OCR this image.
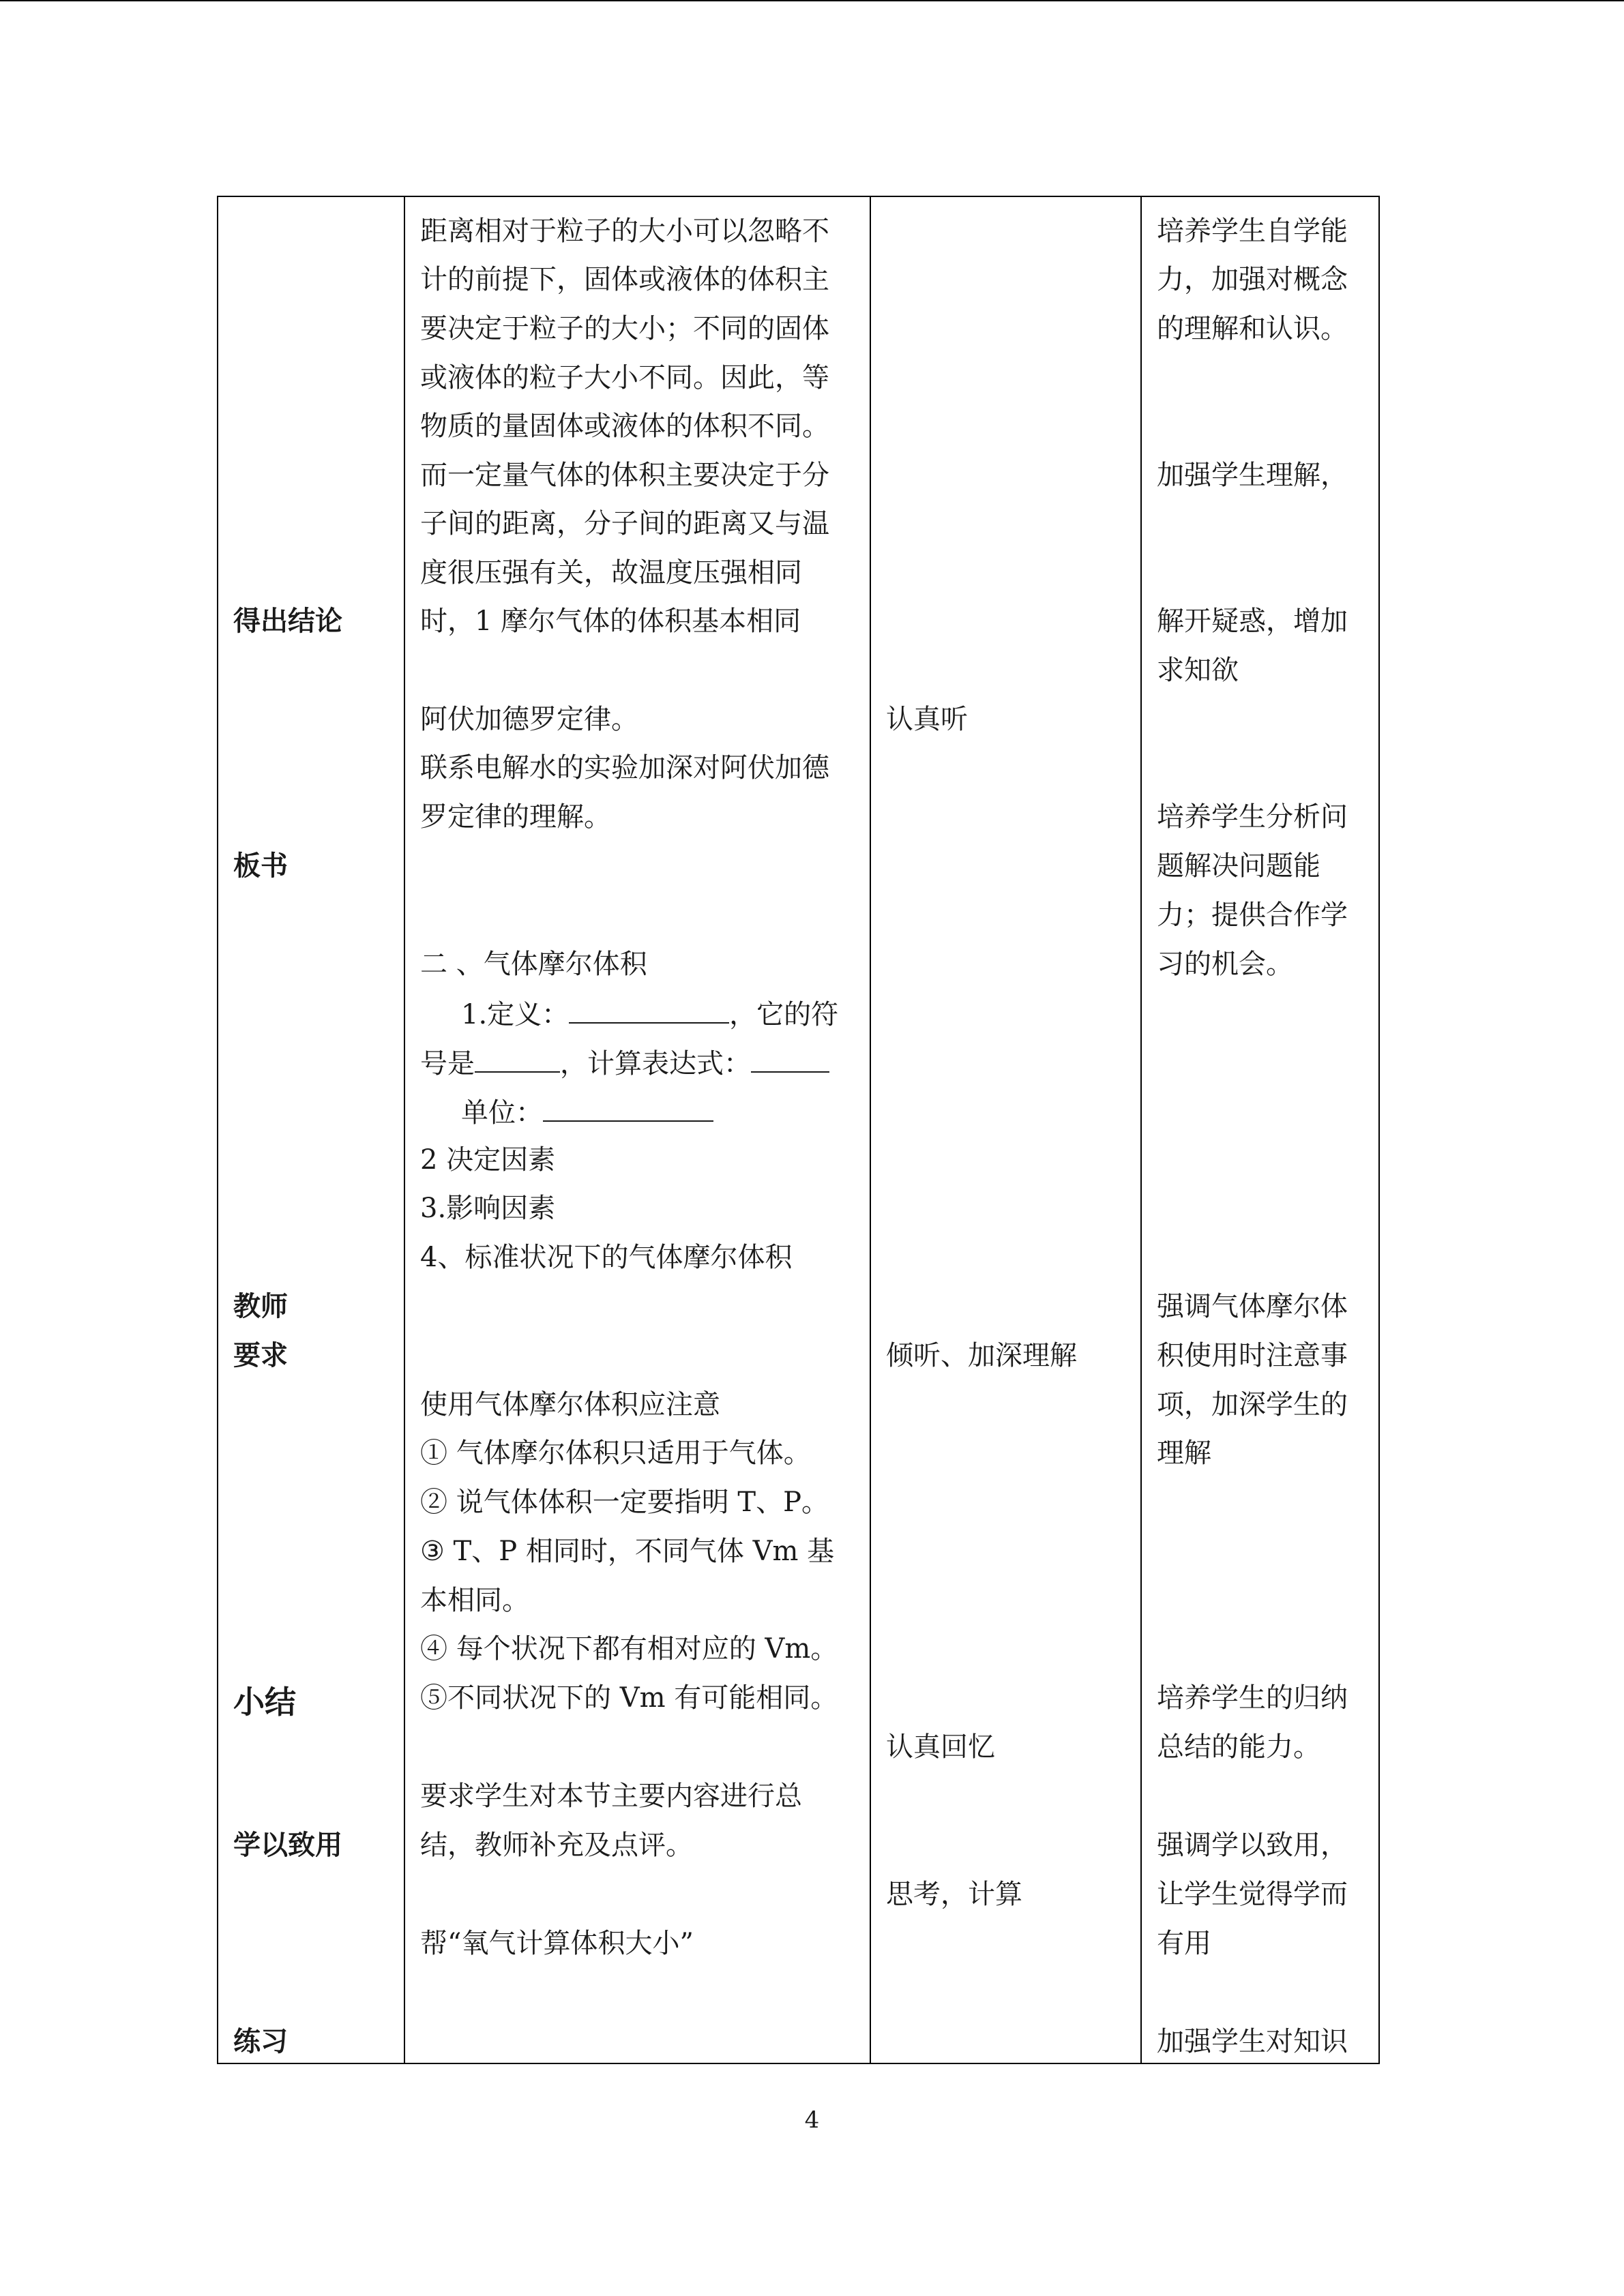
得出结论
板书
教师
要求
小结
学以致用
练习
距离相对于粒子的大小可以忽略不
计的前提下，固体或液体的体积主
要决定于粒子的大小；不同的固体
或液体的粒子大小不同。因此，等
物质的量固体或液体的体积不同。
而一定量气体的体积主要决定于分
子间的距离，分子间的距离又与温
度很压强有关，故温度压强相同
时，1 摩尔气体的体积基本相同
阿伏加德罗定律。
联系电解水的实验加深对阿伏加德
罗定律的理解。
二 、气体摩尔体积
1.定义：	，它的符
号是	，计算表达式：
单位：
2 决定因素
3.影响因素
4、标准状况下的气体摩尔体积
使用气体摩尔体积应注意
① 气体摩尔体积只适用于气体。
② 说气体体积一定要指明 T、P。
③ T、P 相同时，不同气体 Vm 基
本相同。
④ 每个状况下都有相对应的 Vm。
⑤不同状况下的 Vm 有可能相同。
要求学生对本节主要内容进行总
结，教师补充及点评。
帮“氧气计算体积大小”
认真听
倾听、加深理解
认真回忆
思考，计算
培养学生自学能
力，加强对概念
的理解和认识。
加强学生理解，
解开疑惑，增加
求知欲
培养学生分析问
题解决问题能
力；提供合作学
习的机会。
强调气体摩尔体
积使用时注意事
项，加深学生的
理解
培养学生的归纳
总结的能力。
强调学以致用，
让学生觉得学而
有用
加强学生对知识
4
